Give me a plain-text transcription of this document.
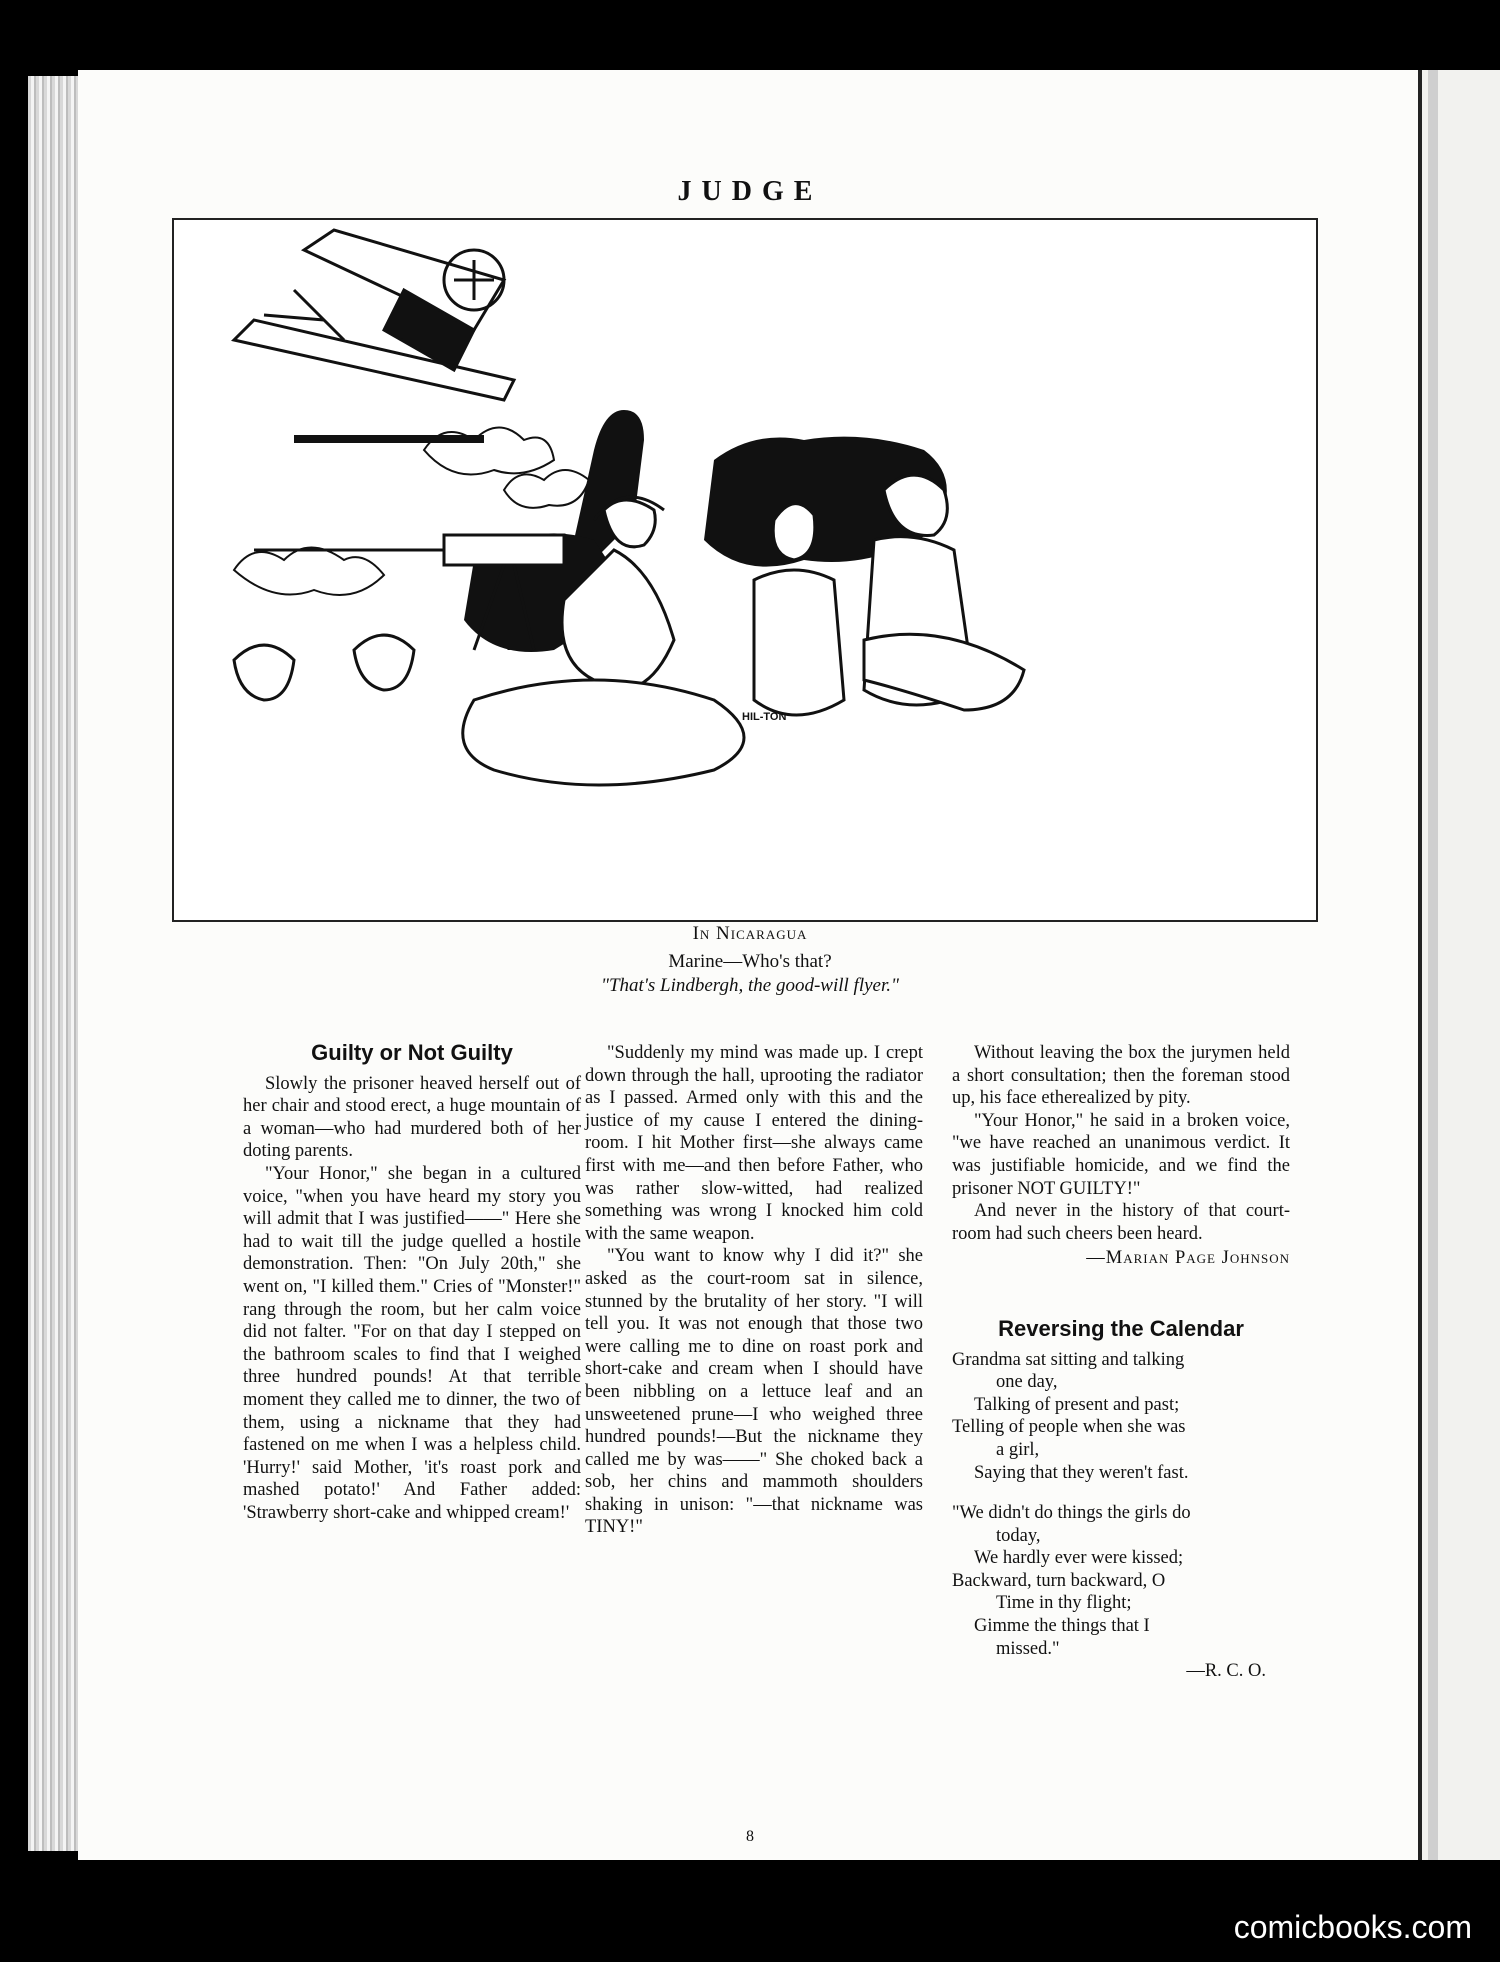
JUDGE
HIL-TON
In Nicaragua
Marine—Who's that?
"That's Lindbergh, the good-will flyer."
Guilty or Not Guilty

Slowly the prisoner heaved herself out of her chair and stood erect, a huge mountain of a woman—who had murdered both of her doting parents.

"Your Honor," she began in a cultured voice, "when you have heard my story you will admit that I was justified——" Here she had to wait till the judge quelled a hostile demonstration. Then: "On July 20th," she went on, "I killed them." Cries of "Monster!" rang through the room, but her calm voice did not falter. "For on that day I stepped on the bathroom scales to find that I weighed three hundred pounds! At that terrible moment they called me to dinner, the two of them, using a nickname that they had fastened on me when I was a helpless child. 'Hurry!' said Mother, 'it's roast pork and mashed potato!' And Father added: 'Strawberry short-cake and whipped cream!'

"Suddenly my mind was made up. I crept down through the hall, uprooting the radiator as I passed. Armed only with this and the justice of my cause I entered the dining-room. I hit Mother first—she always came first with me—and then before Father, who was rather slow-witted, had realized something was wrong I knocked him cold with the same weapon.

"You want to know why I did it?" she asked as the court-room sat in silence, stunned by the brutality of her story. "I will tell you. It was not enough that those two were calling me to dine on roast pork and short-cake and cream when I should have been nibbling on a lettuce leaf and an unsweetened prune—I who weighed three hundred pounds!—But the nickname they called me by was——" She choked back a sob, her chins and mammoth shoulders shaking in unison: "—that nickname was TINY!"

Without leaving the box the jurymen held a short consultation; then the foreman stood up, his face etherealized by pity.

"Your Honor," he said in a broken voice, "we have reached an unanimous verdict. It was justifiable homicide, and we find the prisoner NOT GUILTY!"

And never in the history of that court-room had such cheers been heard.

—Marian Page Johnson
Reversing the Calendar
Grandma sat sitting and talking
one day,
Talking of present and past;
Telling of people when she was
a girl,
Saying that they weren't fast.
"We didn't do things the girls do
today,
We hardly ever were kissed;
Backward, turn backward, O
Time in thy flight;
Gimme the things that I
missed."
—R. C. O.
8
comicbooks.com
